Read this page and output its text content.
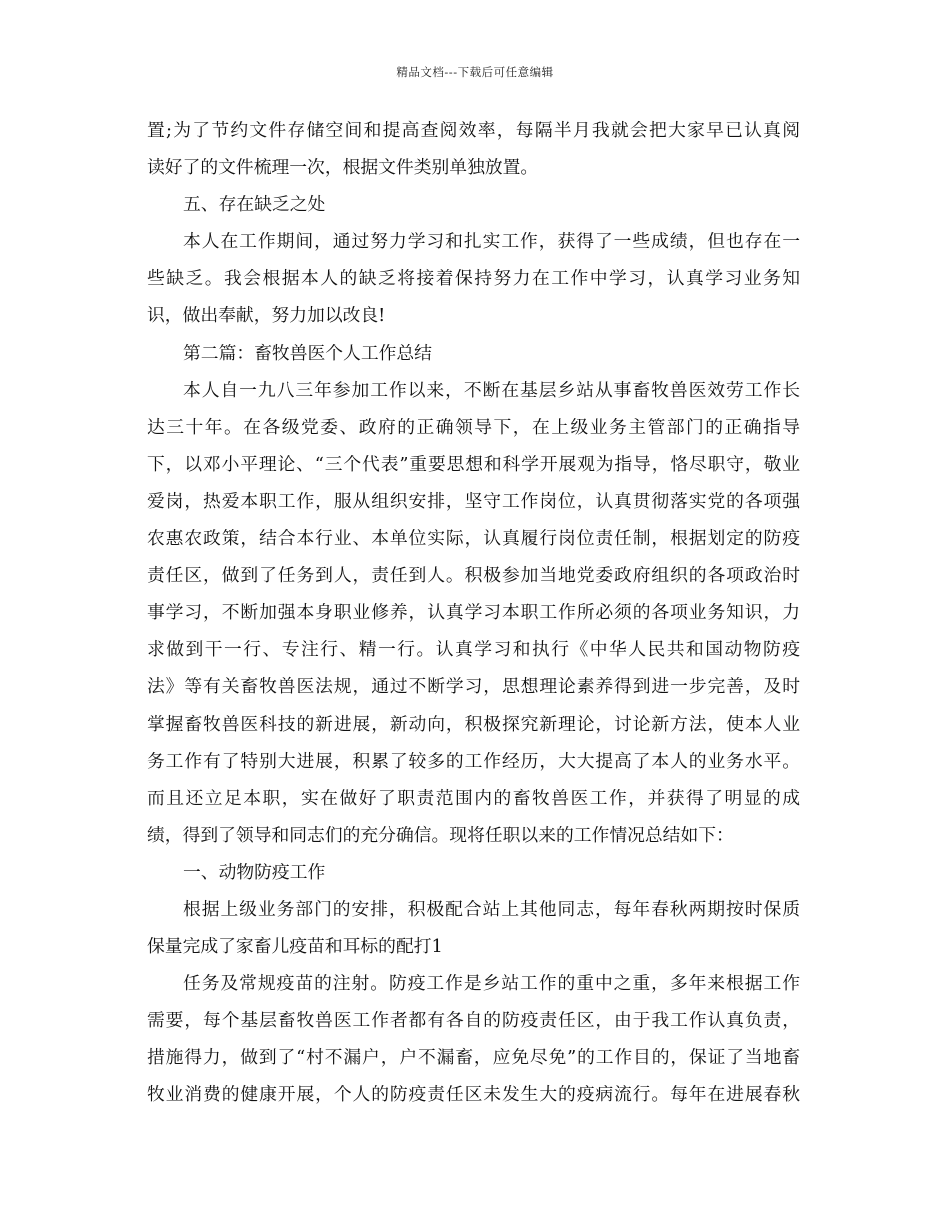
精品文档---下载后可任意编辑
置;为了节约文件存储空间和提高查阅效率，每隔半月我就会把大家早已认真阅
读好了的文件梳理一次，根据文件类别单独放置。
五、存在缺乏之处
本人在工作期间，通过努力学习和扎实工作，获得了一些成绩，但也存在一
些缺乏。我会根据本人的缺乏将接着保持努力在工作中学习，认真学习业务知
识，做出奉献，努力加以改良!
第二篇：畜牧兽医个人工作总结
本人自一九八三年参加工作以来，不断在基层乡站从事畜牧兽医效劳工作长
达三十年。在各级党委、政府的正确领导下，在上级业务主管部门的正确指导
下，以邓小平理论、“三个代表”重要思想和科学开展观为指导，恪尽职守，敬业
爱岗，热爱本职工作，服从组织安排，坚守工作岗位，认真贯彻落实党的各项强
农惠农政策，结合本行业、本单位实际，认真履行岗位责任制，根据划定的防疫
责任区，做到了任务到人，责任到人。积极参加当地党委政府组织的各项政治时
事学习，不断加强本身职业修养，认真学习本职工作所必须的各项业务知识，力
求做到干一行、专注行、精一行。认真学习和执行《中华人民共和国动物防疫
法》等有关畜牧兽医法规，通过不断学习，思想理论素养得到进一步完善，及时
掌握畜牧兽医科技的新进展，新动向，积极探究新理论，讨论新方法，使本人业
务工作有了特别大进展，积累了较多的工作经历，大大提高了本人的业务水平。
而且还立足本职，实在做好了职责范围内的畜牧兽医工作，并获得了明显的成
绩，得到了领导和同志们的充分确信。现将任职以来的工作情况总结如下：
一、动物防疫工作
根据上级业务部门的安排，积极配合站上其他同志，每年春秋两期按时保质
保量完成了家畜儿疫苗和耳标的配打1
任务及常规疫苗的注射。防疫工作是乡站工作的重中之重，多年来根据工作
需要，每个基层畜牧兽医工作者都有各自的防疫责任区，由于我工作认真负责，
措施得力，做到了“村不漏户，户不漏畜，应免尽免”的工作目的，保证了当地畜
牧业消费的健康开展，个人的防疫责任区未发生大的疫病流行。每年在进展春秋
